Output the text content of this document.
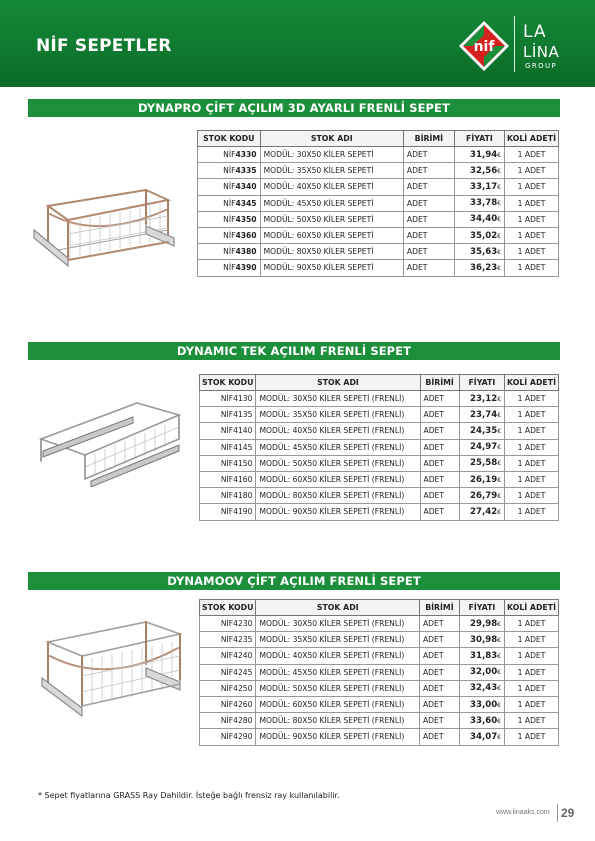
NİF SEPETLER	nif
LA
LİNA
GROUP
DYNAPRO ÇİFT AÇILIM 3D AYARLI FRENLİ SEPET
DYNAMIC TEK AÇILIM FRENLİ SEPET
DYNAMOOV ÇİFT AÇILIM FRENLİ SEPET
STOK KODU	STOK ADI	BİRİMİ	FİYATI	KOLİ ADETİ
NİF4330	MODÜL: 30X50 KİLER SEPETİ	ADET	31,94€	1 ADET
NİF4335	MODÜL: 35X50 KİLER SEPETİ	ADET	32,56€	1 ADET
NİF4340	MODÜL: 40X50 KİLER SEPETİ	ADET	33,17€	1 ADET
NİF4345	MODÜL: 45X50 KİLER SEPETİ	ADET	33,78€	1 ADET
NİF4350	MODÜL: 50X50 KİLER SEPETİ	ADET	34,40€	1 ADET
NİF4360	MODÜL: 60X50 KİLER SEPETİ	ADET	35,02€	1 ADET
NİF4380	MODÜL: 80X50 KİLER SEPETİ	ADET	35,63€	1 ADET
NİF4390	MODÜL: 90X50 KİLER SEPETİ	ADET	36,23€	1 ADET
STOK KODU	STOK ADI	BİRİMİ	FİYATI	KOLİ ADETİ
NİF4130	MODÜL: 30X50 KİLER SEPETİ (FRENLİ)	ADET	23,12€	1 ADET
NİF4135	MODÜL: 35X50 KİLER SEPETİ (FRENLİ)	ADET	23,74€	1 ADET
NİF4140	MODÜL: 40X50 KİLER SEPETİ (FRENLİ)	ADET	24,35€	1 ADET
NİF4145	MODÜL: 45X50 KİLER SEPETİ (FRENLİ)	ADET	24,97€	1 ADET
NİF4150	MODÜL: 50X50 KİLER SEPETİ (FRENLİ)	ADET	25,58€	1 ADET
NİF4160	MODÜL: 60X50 KİLER SEPETİ (FRENLİ)	ADET	26,19€	1 ADET
NİF4180	MODÜL: 80X50 KİLER SEPETİ (FRENLİ)	ADET	26,79€	1 ADET
NİF4190	MODÜL: 90X50 KİLER SEPETİ (FRENLİ)	ADET	27,42€	1 ADET
STOK KODU	STOK ADI	BİRİMİ	FİYATI	KOLİ ADETİ
NİF4230	MODÜL: 30X50 KİLER SEPETİ (FRENLİ)	ADET	29,98€	1 ADET
NİF4235	MODÜL: 35X50 KİLER SEPETİ (FRENLİ)	ADET	30,98€	1 ADET
NİF4240	MODÜL: 40X50 KİLER SEPETİ (FRENLİ)	ADET	31,83€	1 ADET
NİF4245	MODÜL: 45X50 KİLER SEPETİ (FRENLİ)	ADET	32,00€	1 ADET
NİF4250	MODÜL: 50X50 KİLER SEPETİ (FRENLİ)	ADET	32,43€	1 ADET
NİF4260	MODÜL: 60X50 KİLER SEPETİ (FRENLİ)	ADET	33,00€	1 ADET
NİF4280	MODÜL: 80X50 KİLER SEPETİ (FRENLİ)	ADET	33,60€	1 ADET
NİF4290	MODÜL: 90X50 KİLER SEPETİ (FRENLİ)	ADET	34,07€	1 ADET
* Sepet fiyatlarına GRASS Ray Dahildir. İsteğe bağlı frensiz ray kullanılabilir.
www.linaaks.com 29
